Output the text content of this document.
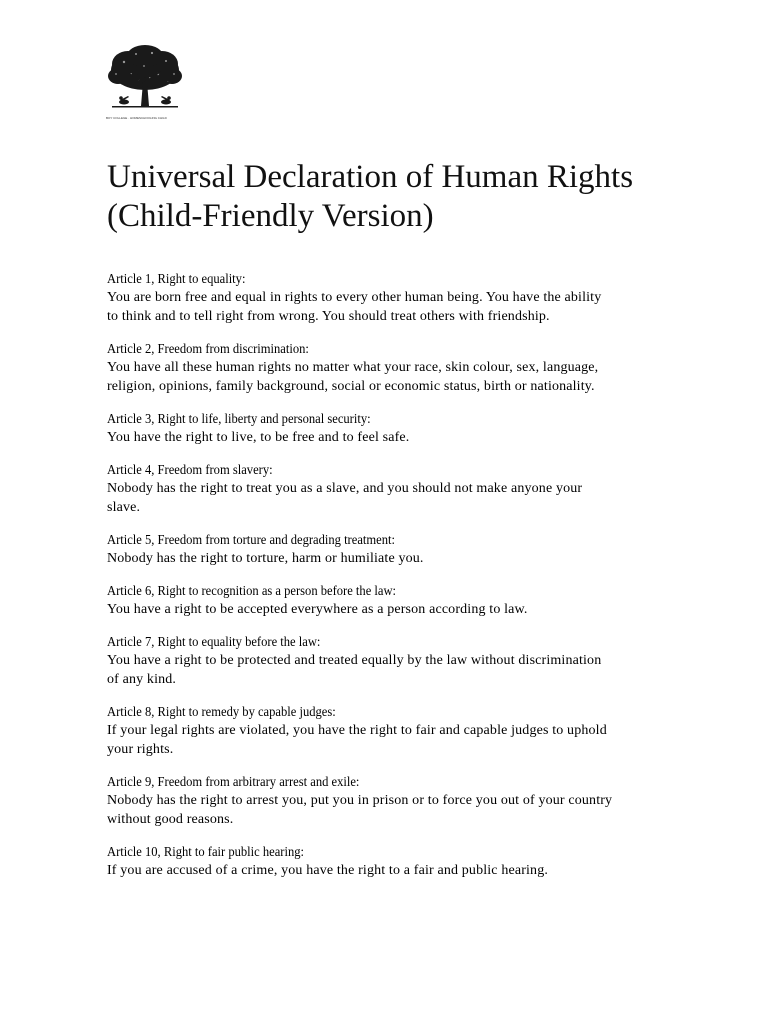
BOY COLLEGE · HOMESCHOOLING CHILD
Universal Declaration of Human Rights
(Child-Friendly Version)
Article 1, Right to equality:
You are born free and equal in rights to every other human being. You have the ability
to think and to tell right from wrong. You should treat others with friendship.
Article 2, Freedom from discrimination:
You have all these human rights no matter what your race, skin colour, sex, language,
religion, opinions, family background, social or economic status, birth or nationality.
Article 3, Right to life, liberty and personal security:
You have the right to live, to be free and to feel safe.
Article 4, Freedom from slavery:
Nobody has the right to treat you as a slave, and you should not make anyone your
slave.
Article 5, Freedom from torture and degrading treatment:
Nobody has the right to torture, harm or humiliate you.
Article 6, Right to recognition as a person before the law:
You have a right to be accepted everywhere as a person according to law.
Article 7, Right to equality before the law:
You have a right to be protected and treated equally by the law without discrimination
of any kind.
Article 8, Right to remedy by capable judges:
If your legal rights are violated, you have the right to fair and capable judges to uphold
your rights.
Article 9, Freedom from arbitrary arrest and exile:
Nobody has the right to arrest you, put you in prison or to force you out of your country
without good reasons.
Article 10, Right to fair public hearing:
If you are accused of a crime, you have the right to a fair and public hearing.
